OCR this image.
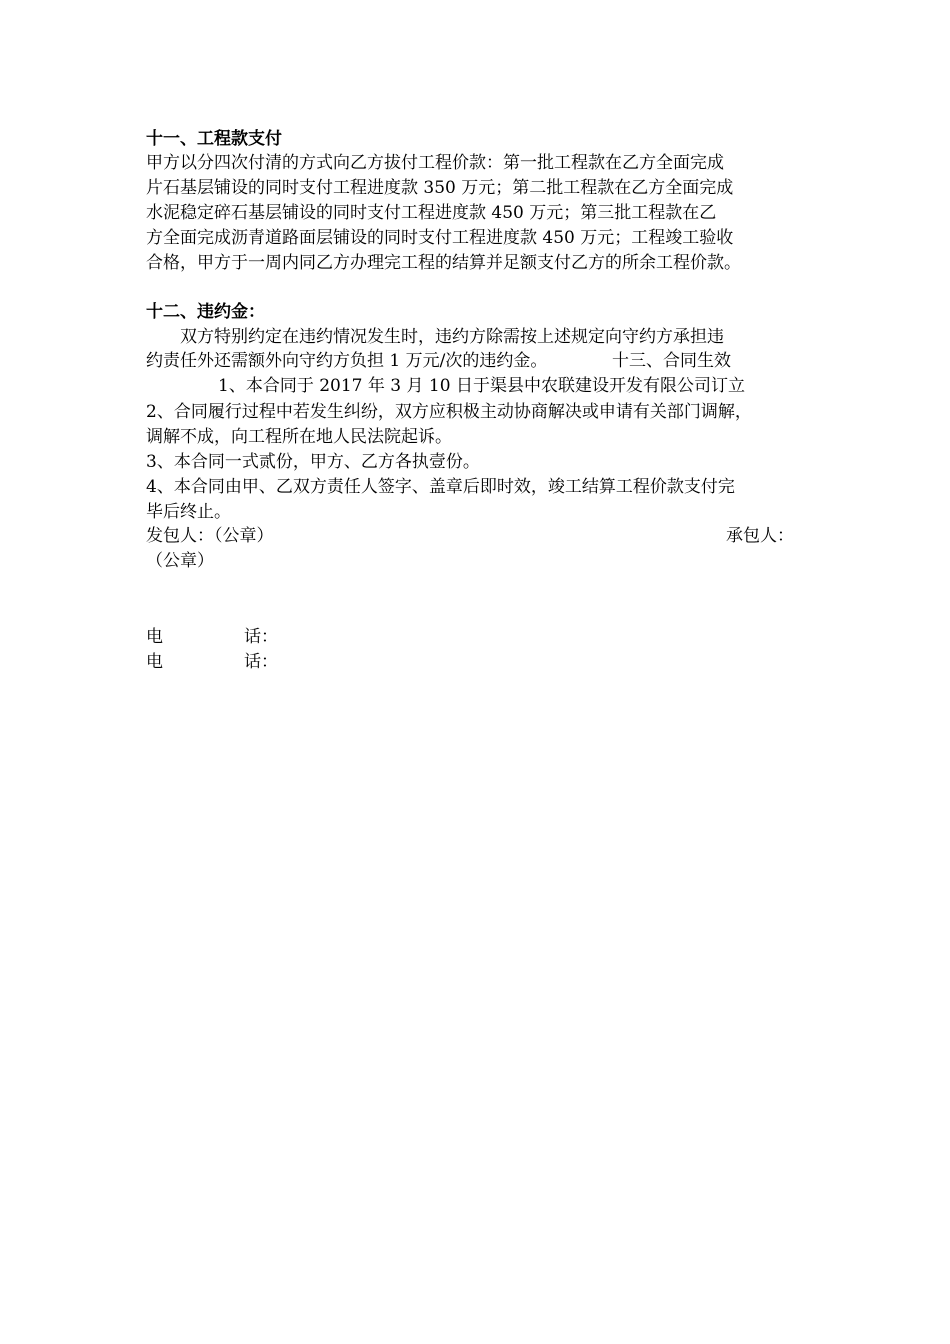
十一、工程款支付
甲方以分四次付清的方式向乙方拔付工程价款：第一批工程款在乙方全面完成
片石基层铺设的同时支付工程进度款 350 万元；第二批工程款在乙方全面完成
水泥稳定碎石基层铺设的同时支付工程进度款 450 万元；第三批工程款在乙
方全面完成沥青道路面层铺设的同时支付工程进度款 450 万元；工程竣工验收
合格，甲方于一周内同乙方办理完工程的结算并足额支付乙方的所余工程价款。
十二、违约金：
双方特别约定在违约情况发生时，违约方除需按上述规定向守约方承担违
约责任外还需额外向守约方负担 1 万元/次的违约金。	十三、合同生效
1、本合同于 2017 年 3 月 10 日于渠县中农联建设开发有限公司订立
2、合同履行过程中若发生纠纷，双方应积极主动协商解决或申请有关部门调解，
调解不成，向工程所在地人民法院起诉。
3、本合同一式贰份，甲方、乙方各执壹份。
4、本合同由甲、乙双方责任人签字、盖章后即时效，竣工结算工程价款支付完
毕后终止。
发包人：（公章）	承包人：
（公章）
电	话：
电	话：
